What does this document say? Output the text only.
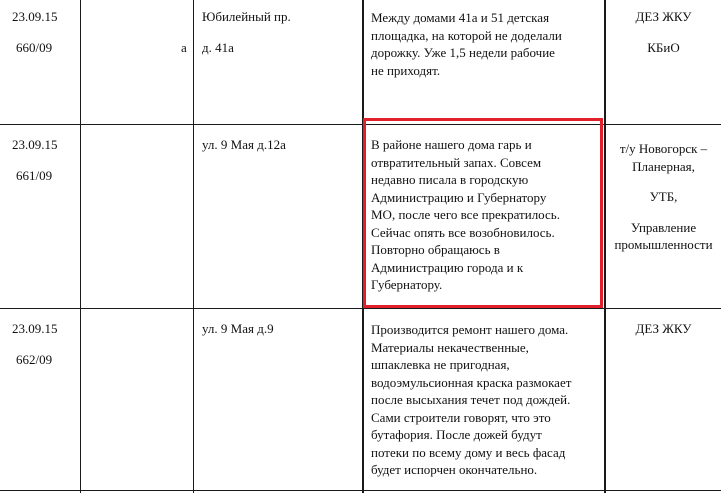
а
23.09.15
660/09
Юбилейный пр.
д. 41а
Между домами 41а и 51 детская
площадка, на которой не доделали
дорожку. Уже 1,5 недели рабочие
не приходят.
ДЕЗ ЖКУ
КБиО
23.09.15
661/09
ул. 9 Мая д.12а	В районе нашего дома гарь и
отвратительный запах. Совсем
недавно писала в городскую
Администрацию и Губернатору
МО, после чего все прекратилось.
Сейчас опять все возобновилось.
Повторно обращаюсь в
Администрацию города и к
Губернатору.
т/у Новогорск –
Планерная,
УТБ,
Управление
промышленности
23.09.15
662/09
ул. 9 Мая д.9	Производится ремонт нашего дома.
Материалы некачественные,
шпаклевка не пригодная,
водоэмульсионная краска размокает
после высыхания течет под дождей.
Сами строители говорят, что это
бутафория. После дожей будут
потеки по всему дому и весь фасад
будет испорчен окончательно.
ДЕЗ ЖКУ
